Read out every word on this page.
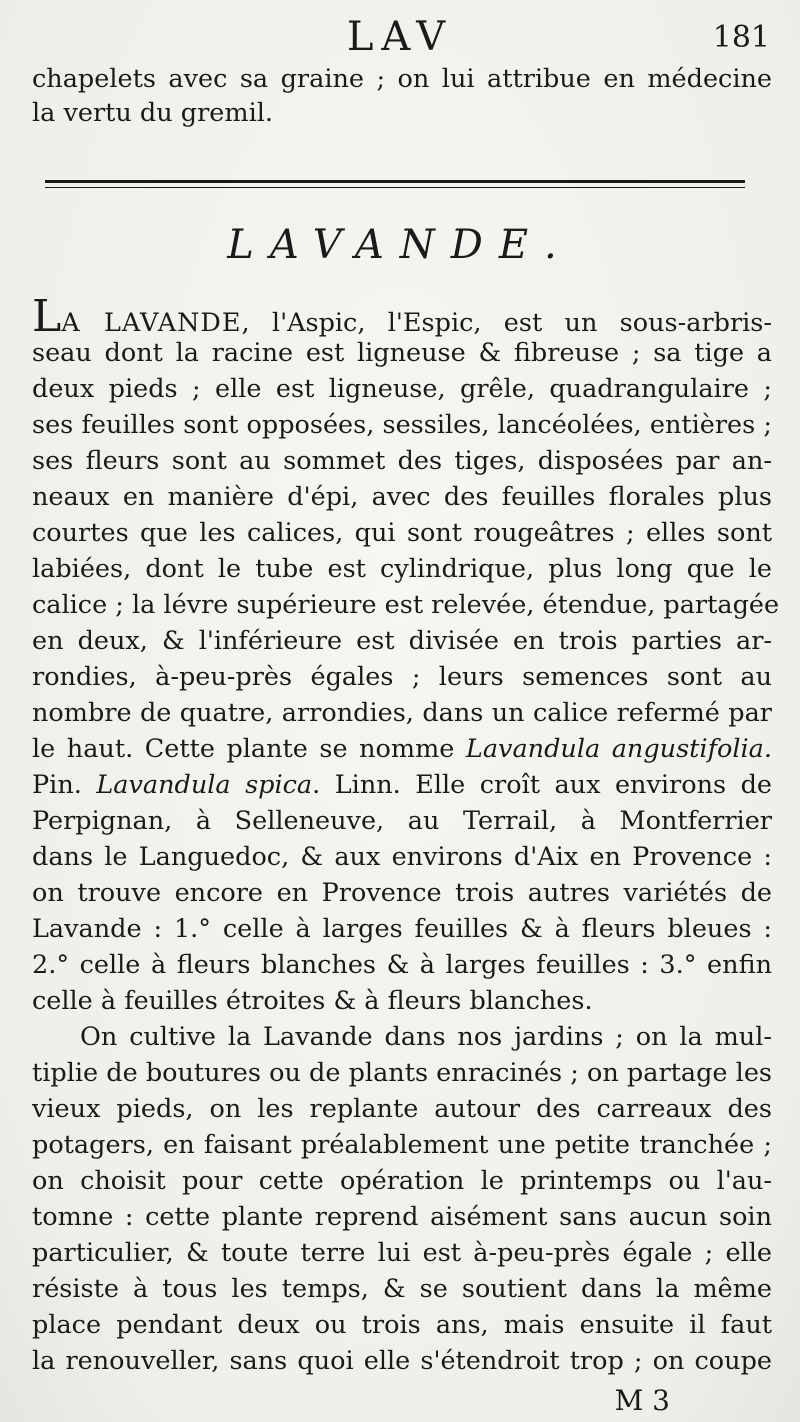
LAV	181
chapelets avec sa graine ; on lui attribue en médecine
la vertu du gremil.
LAVANDE.
LA LAVANDE, l'Aspic, l'Espic, est un sous-arbris-
seau dont la racine est ligneuse & fibreuse ; sa tige a
deux pieds ; elle est ligneuse, grêle, quadrangulaire ;
ses feuilles sont opposées, sessiles, lancéolées, entières ;
ses fleurs sont au sommet des tiges, disposées par an-
neaux en manière d'épi, avec des feuilles florales plus
courtes que les calices, qui sont rougeâtres ; elles sont
labiées, dont le tube est cylindrique, plus long que le
calice ; la lévre supérieure est relevée, étendue, partagée
en deux, & l'inférieure est divisée en trois parties ar-
rondies, à-peu-près égales ; leurs semences sont au
nombre de quatre, arrondies, dans un calice refermé par
le haut. Cette plante se nomme Lavandula angustifolia.
Pin. Lavandula spica. Linn. Elle croît aux environs de
Perpignan, à Selleneuve, au Terrail, à Montferrier
dans le Languedoc, & aux environs d'Aix en Provence :
on trouve encore en Provence trois autres variétés de
Lavande : 1.° celle à larges feuilles & à fleurs bleues :
2.° celle à fleurs blanches & à larges feuilles : 3.° enfin
celle à feuilles étroites & à fleurs blanches.
On cultive la Lavande dans nos jardins ; on la mul-
tiplie de boutures ou de plants enracinés ; on partage les
vieux pieds, on les replante autour des carreaux des
potagers, en faisant préalablement une petite tranchée ;
on choisit pour cette opération le printemps ou l'au-
tomne : cette plante reprend aisément sans aucun soin
particulier, & toute terre lui est à-peu-près égale ; elle
résiste à tous les temps, & se soutient dans la même
place pendant deux ou trois ans, mais ensuite il faut
la renouveller, sans quoi elle s'étendroit trop ; on coupe
M 3
